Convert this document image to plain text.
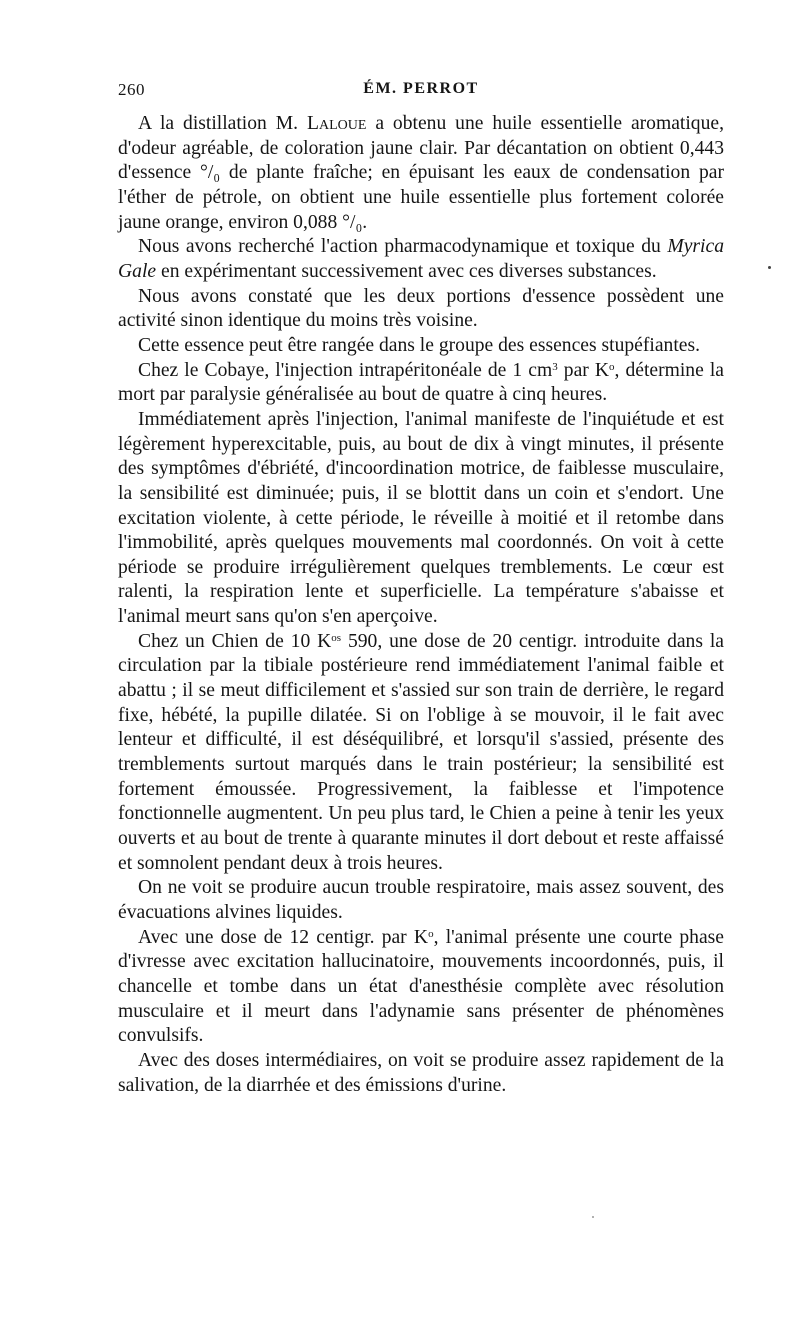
260	ÉM. PERROT

A la distillation M. Laloue a obtenu une huile essentielle aromatique, d'odeur agréable, de coloration jaune clair. Par décantation on obtient 0,443 d'essence °/₀ de plante fraîche; en épuisant les eaux de condensation par l'éther de pétrole, on obtient une huile essentielle plus fortement colorée jaune orange, environ 0,088 °/₀.

Nous avons recherché l'action pharmacodynamique et toxique du Myrica Gale en expérimentant successivement avec ces diverses substances.

Nous avons constaté que les deux portions d'essence possèdent une activité sinon identique du moins très voisine.

Cette essence peut être rangée dans le groupe des essences stupéfiantes.

Chez le Cobaye, l'injection intrapéritonéale de 1 $cm^3$ par $K^o$, détermine la mort par paralysie généralisée au bout de quatre à cinq heures.

Immédiatement après l'injection, l'animal manifeste de l'inquiétude et est légèrement hyperexcitable, puis, au bout de dix à vingt minutes, il présente des symptômes d'ébriété, d'incoordination motrice, de faiblesse musculaire, la sensibilité est diminuée; puis, il se blottit dans un coin et s'endort. Une excitation violente, à cette période, le réveille à moitié et il retombe dans l'immobilité, après quelques mouvements mal coordonnés. On voit à cette période se produire irrégulièrement quelques tremblements. Le cœur est ralenti, la respiration lente et superficielle. La température s'abaisse et l'animal meurt sans qu'on s'en aperçoive.

Chez un Chien de 10 $K^{os}$ 590, une dose de 20 centigr. introduite dans la circulation par la tibiale postérieure rend immédiatement l'animal faible et abattu ; il se meut difficilement et s'assied sur son train de derrière, le regard fixe, hébété, la pupille dilatée. Si on l'oblige à se mouvoir, il le fait avec lenteur et difficulté, il est déséquilibré, et lorsqu'il s'assied, présente des tremblements surtout marqués dans le train postérieur; la sensibilité est fortement émoussée. Progressivement, la faiblesse et l'impotence fonctionnelle augmentent. Un peu plus tard, le Chien a peine à tenir les yeux ouverts et au bout de trente à quarante minutes il dort debout et reste affaissé et somnolent pendant deux à trois heures.

On ne voit se produire aucun trouble respiratoire, mais assez souvent, des évacuations alvines liquides.

Avec une dose de 12 centigr. par $K^o$, l'animal présente une courte phase d'ivresse avec excitation hallucinatoire, mouvements incoordonnés, puis, il chancelle et tombe dans un état d'anesthésie complète avec résolution musculaire et il meurt dans l'adynamie sans présenter de phénomènes convulsifs.

Avec des doses intermédiaires, on voit se produire assez rapidement de la salivation, de la diarrhée et des émissions d'urine.
